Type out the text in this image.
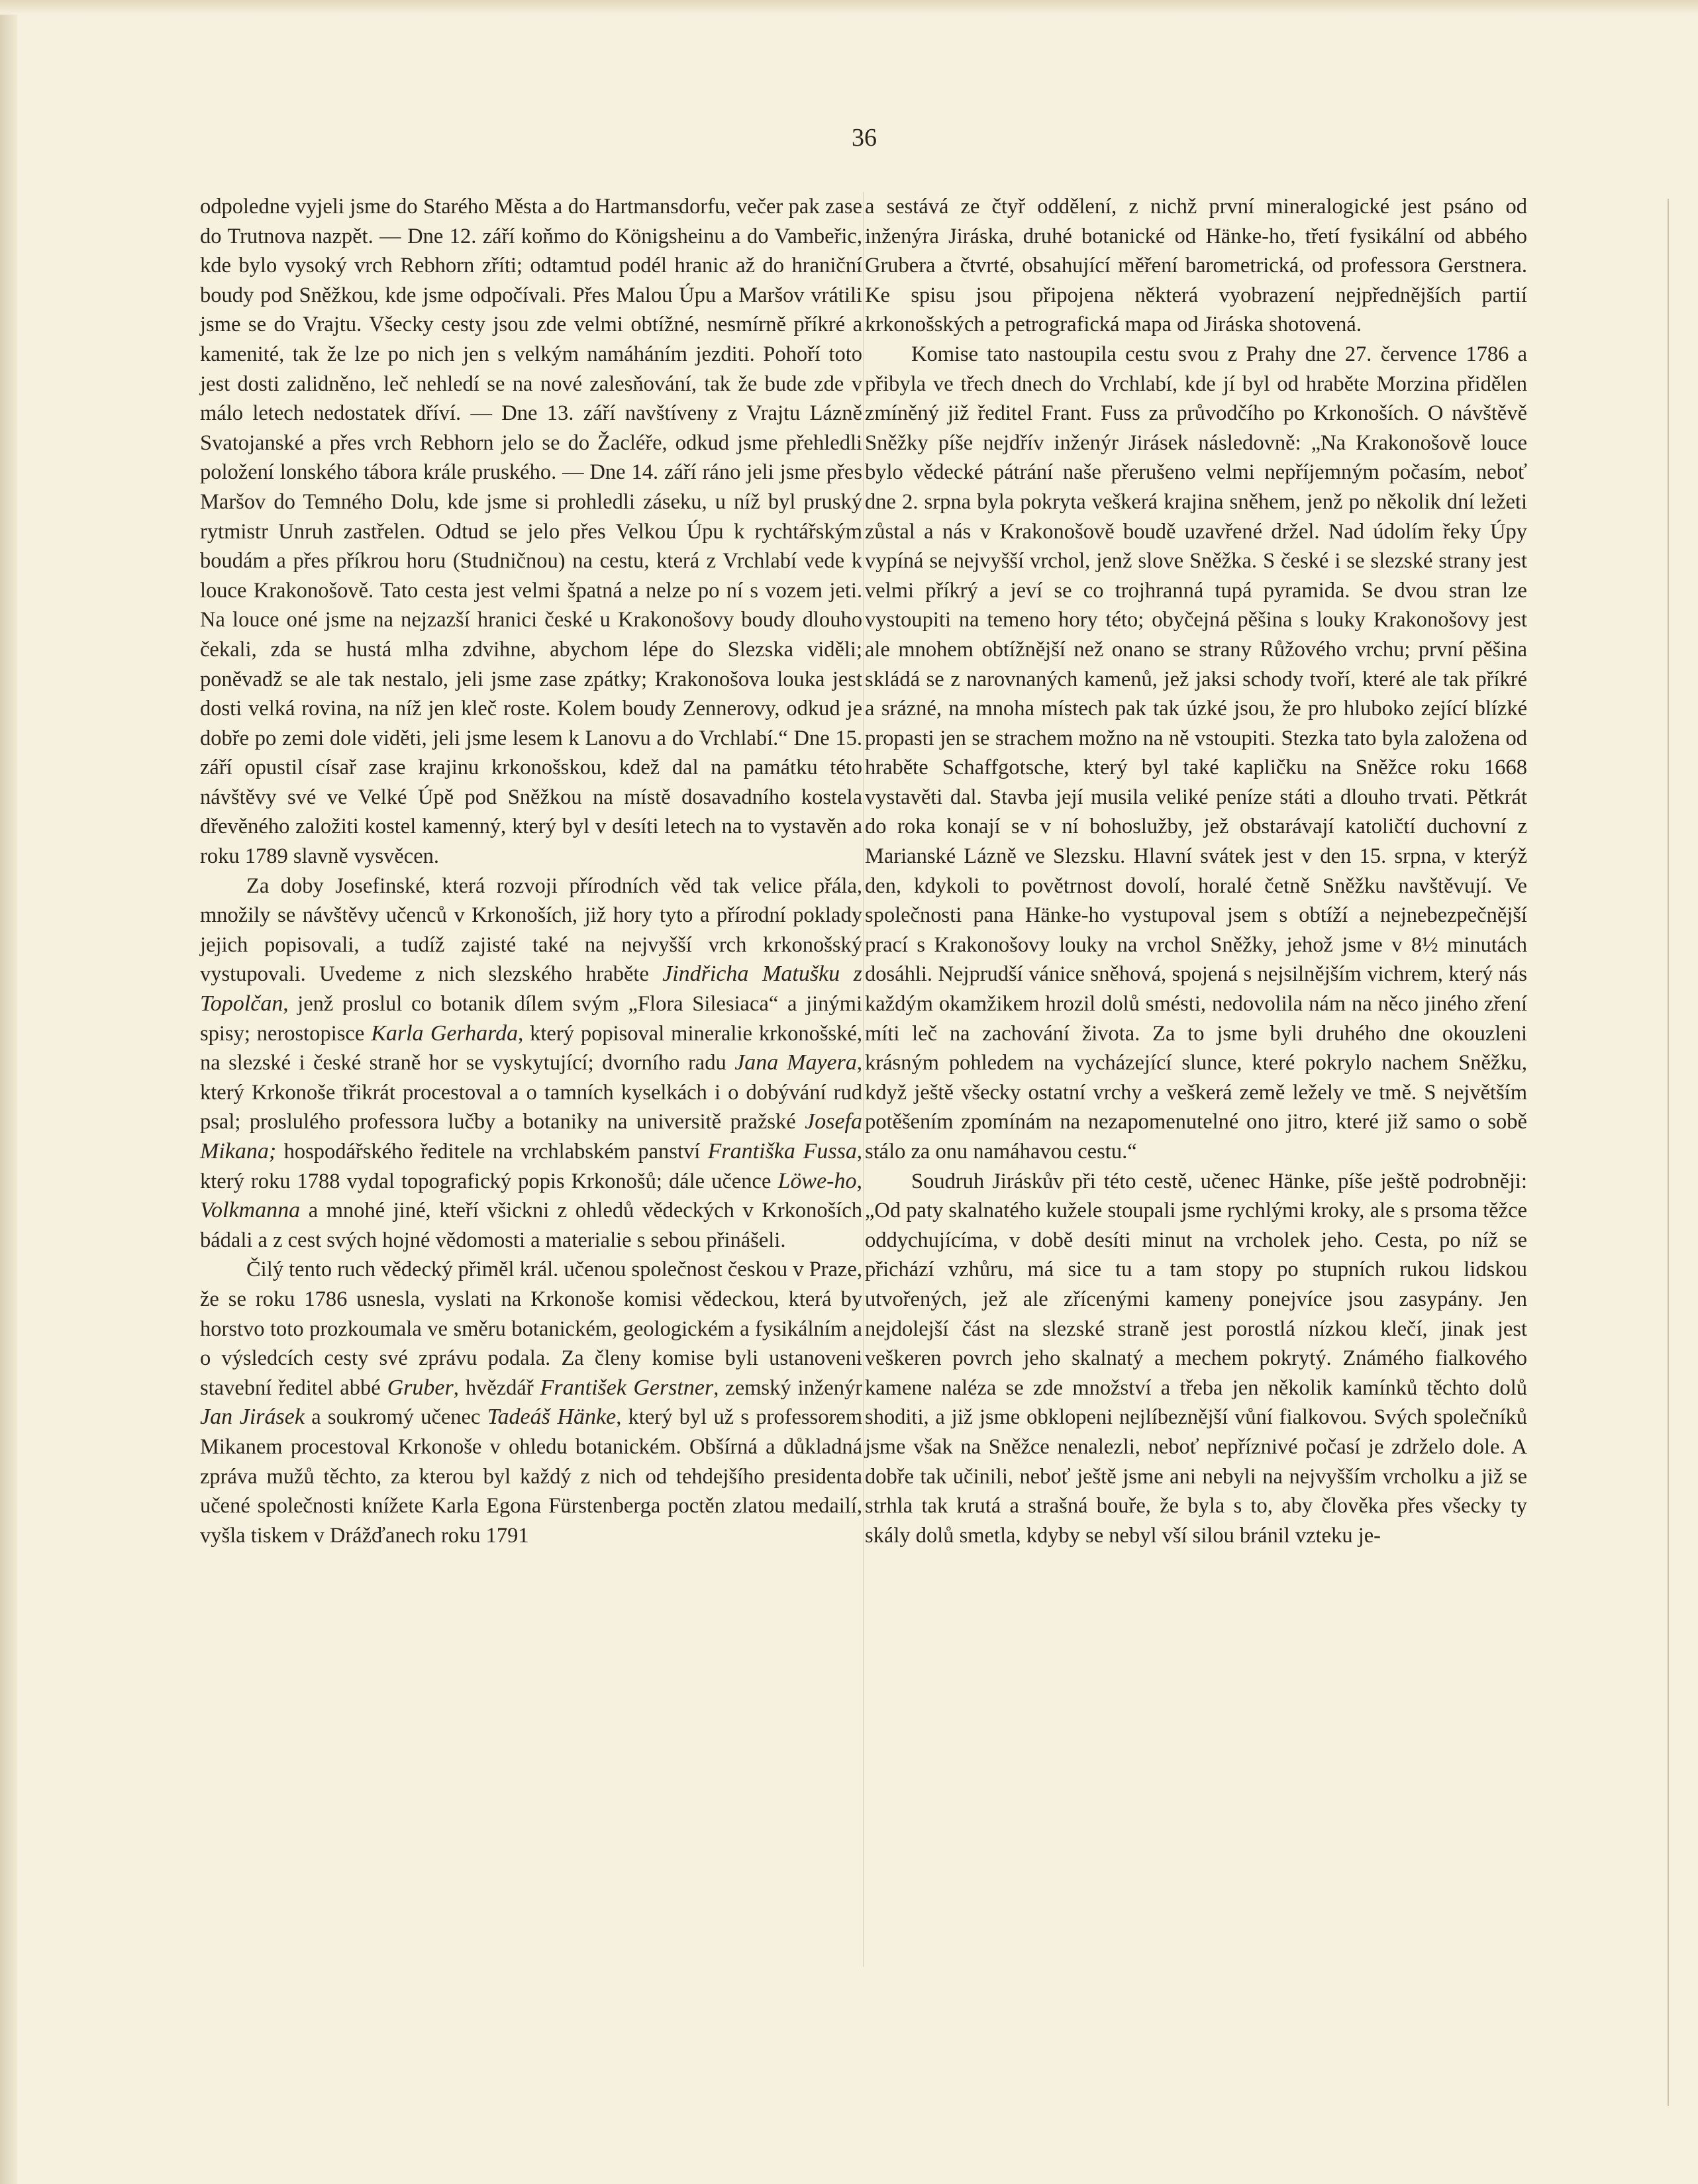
36

odpoledne vyjeli jsme do Starého Města a do Hartmansdorfu, večer pak zase do Trutnova nazpět. — Dne 12. září koňmo do Königsheinu a do Vambeřic, kde bylo vysoký vrch Rebhorn zříti; odtamtud podél hranic až do hraniční boudy pod Sněžkou, kde jsme odpočívali. Přes Malou Úpu a Maršov vrátili jsme se do Vrajtu. Všecky cesty jsou zde velmi obtížné, nesmírně příkré a kamenité, tak že lze po nich jen s velkým namáháním jezditi. Pohoří toto jest dosti zalidněno, leč nehledí se na nové zalesňování, tak že bude zde v málo letech nedostatek dříví. — Dne 13. září navštíveny z Vrajtu Lázně Svatojanské a přes vrch Rebhorn jelo se do Žacléře, odkud jsme přehledli položení lonského tábora krále pruského. — Dne 14. září ráno jeli jsme přes Maršov do Temného Dolu, kde jsme si prohledli záseku, u níž byl pruský rytmistr Unruh zastřelen. Odtud se jelo přes Velkou Úpu k rychtářským boudám a přes příkrou horu (Studničnou) na cestu, která z Vrchlabí vede k louce Krakonošově. Tato cesta jest velmi špatná a nelze po ní s vozem jeti. Na louce oné jsme na nejzazší hranici české u Krakonošovy boudy dlouho čekali, zda se hustá mlha zdvihne, abychom lépe do Slezska viděli; poněvadž se ale tak nestalo, jeli jsme zase zpátky; Krakonošova louka jest dosti velká rovina, na níž jen kleč roste. Kolem boudy Zennerovy, odkud je dobře po zemi dole viděti, jeli jsme lesem k Lanovu a do Vrchlabí.“ Dne 15. září opustil císař zase krajinu krkonošskou, kdež dal na památku této návštěvy své ve Velké Úpě pod Sněžkou na místě dosavadního kostela dřevěného založiti kostel kamenný, který byl v desíti letech na to vystavěn a roku 1789 slavně vysvěcen.

Za doby Josefinské, která rozvoji přírodních věd tak velice přála, množily se návštěvy učenců v Krkonoších, již hory tyto a přírodní poklady jejich popisovali, a tudíž zajisté také na nejvyšší vrch krkonošský vystupovali. Uvedeme z nich slezského hraběte Jindřicha Matušku z Topolčan, jenž proslul co botanik dílem svým „Flora Silesiaca“ a jinými spisy; nerostopisce Karla Gerharda, který popisoval mineralie krkonošské, na slezské i české straně hor se vyskytující; dvorního radu Jana Mayera, který Krkonoše třikrát procestoval a o tamních kyselkách i o dobývání rud psal; proslulého professora lučby a botaniky na universitě pražské Josefa Mikana; hospodářského ředitele na vrchlabském panství Františka Fussa, který roku 1788 vydal topografický popis Krkonošů; dále učence Löwe-ho, Volkmanna a mnohé jiné, kteří všickni z ohledů vědeckých v Krkonoších bádali a z cest svých hojné vědomosti a materialie s sebou přinášeli.

Čilý tento ruch vědecký přiměl král. učenou společnost českou v Praze, že se roku 1786 usnesla, vyslati na Krkonoše komisi vědeckou, která by horstvo toto prozkoumala ve směru botanickém, geologickém a fysikálním a o výsledcích cesty své zprávu podala. Za členy komise byli ustanoveni stavební ředitel abbé Gruber, hvězdář František Gerstner, zemský inženýr Jan Jirásek a soukromý učenec Tadeáš Hänke, který byl už s professorem Mikanem procestoval Krkonoše v ohledu botanickém. Obšírná a důkladná zpráva mužů těchto, za kterou byl každý z nich od tehdejšího presidenta učené společnosti knížete Karla Egona Fürstenberga poctěn zlatou medailí, vyšla tiskem v Drážďanech roku 1791

a sestává ze čtyř oddělení, z nichž první mineralogické jest psáno od inženýra Jiráska, druhé botanické od Hänke-ho, třetí fysikální od abbého Grubera a čtvrté, obsahující měření barometrická, od professora Gerstnera. Ke spisu jsou připojena některá vyobrazení nejpřednějších partií krkonošských a petrografická mapa od Jiráska shotovená.

Komise tato nastoupila cestu svou z Prahy dne 27. července 1786 a přibyla ve třech dnech do Vrchlabí, kde jí byl od hraběte Morzina přidělen zmíněný již ředitel Frant. Fuss za průvodčího po Krkonoších. O návštěvě Sněžky píše nejdřív inženýr Jirásek následovně: „Na Krakonošově louce bylo vědecké pátrání naše přerušeno velmi nepříjemným počasím, neboť dne 2. srpna byla pokryta veškerá krajina sněhem, jenž po několik dní ležeti zůstal a nás v Krakonošově boudě uzavřené držel. Nad údolím řeky Úpy vypíná se nejvyšší vrchol, jenž slove Sněžka. S české i se slezské strany jest velmi příkrý a jeví se co trojhranná tupá pyramida. Se dvou stran lze vystoupiti na temeno hory této; obyčejná pěšina s louky Krakonošovy jest ale mnohem obtížnější než onano se strany Růžového vrchu; první pěšina skládá se z narovnaných kamenů, jež jaksi schody tvoří, které ale tak příkré a srázné, na mnoha místech pak tak úzké jsou, že pro hluboko zející blízké propasti jen se strachem možno na ně vstoupiti. Stezka tato byla založena od hraběte Schaffgotsche, který byl také kapličku na Sněžce roku 1668 vystavěti dal. Stavba její musila veliké peníze státi a dlouho trvati. Pětkrát do roka konají se v ní bohoslužby, jež obstarávají katoličtí duchovní z Marianské Lázně ve Slezsku. Hlavní svátek jest v den 15. srpna, v kterýž den, kdykoli to povětrnost dovolí, horalé četně Sněžku navštěvují. Ve společnosti pana Hänke-ho vystupoval jsem s obtíží a nejnebezpečnější prací s Krakonošovy louky na vrchol Sněžky, jehož jsme v 8½ minutách dosáhli. Nejprudší vánice sněhová, spojená s nejsilnějším vichrem, který nás každým okamžikem hrozil dolů smésti, nedovolila nám na něco jiného zření míti leč na zachování života. Za to jsme byli druhého dne okouzleni krásným pohledem na vycházející slunce, které pokrylo nachem Sněžku, když ještě všecky ostatní vrchy a veškerá země ležely ve tmě. S největším potěšením zpomínám na nezapomenutelné ono jitro, které již samo o sobě stálo za onu namáhavou cestu.“

Soudruh Jiráskův při této cestě, učenec Hänke, píše ještě podrobněji: „Od paty skalnatého kužele stoupali jsme rychlými kroky, ale s prsoma těžce oddychujícíma, v době desíti minut na vrcholek jeho. Cesta, po níž se přichází vzhůru, má sice tu a tam stopy po stupních rukou lidskou utvořených, jež ale zřícenými kameny ponejvíce jsou zasypány. Jen nejdolejší část na slezské straně jest porostlá nízkou klečí, jinak jest veškeren povrch jeho skalnatý a mechem pokrytý. Známého fialkového kamene naléza se zde množství a třeba jen několik kamínků těchto dolů shoditi, a již jsme obklopeni nejlíbeznější vůní fialkovou. Svých společníků jsme však na Sněžce nenalezli, neboť nepříznivé počasí je zdrželo dole. A dobře tak učinili, neboť ještě jsme ani nebyli na nejvyšším vrcholku a již se strhla tak krutá a strašná bouře, že byla s to, aby člověka přes všecky ty skály dolů smetla, kdyby se nebyl vší silou bránil vzteku je-
